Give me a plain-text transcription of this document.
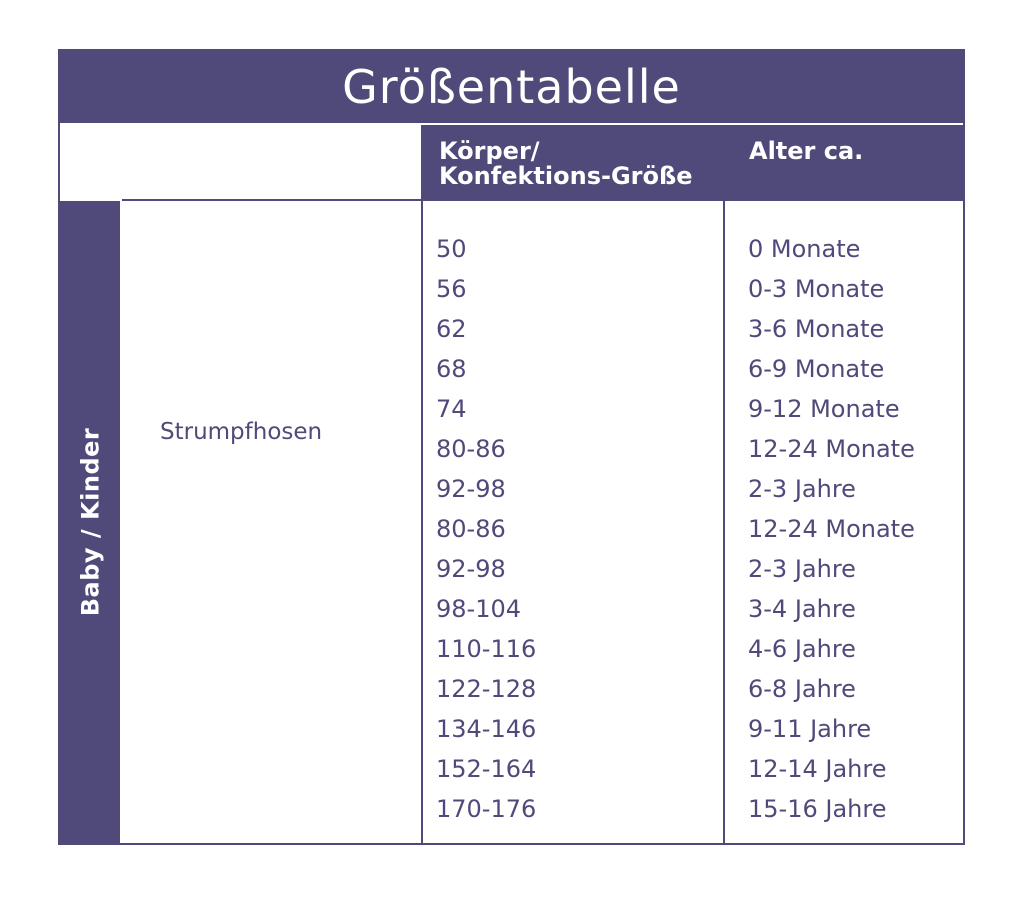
Größentabelle
Körper/
Konfektions-Größe
Alter ca.
Baby / Kinder Strumpfhosen
50
56
62
68
74
80-86
92-98
80-86
92-98
98-104
110-116
122-128
134-146
152-164
170-176
0 Monate
0-3 Monate
3-6 Monate
6-9 Monate
9-12 Monate
12-24 Monate
2-3 Jahre
12-24 Monate
2-3 Jahre
3-4 Jahre
4-6 Jahre
6-8 Jahre
9-11 Jahre
12-14 Jahre
15-16 Jahre
